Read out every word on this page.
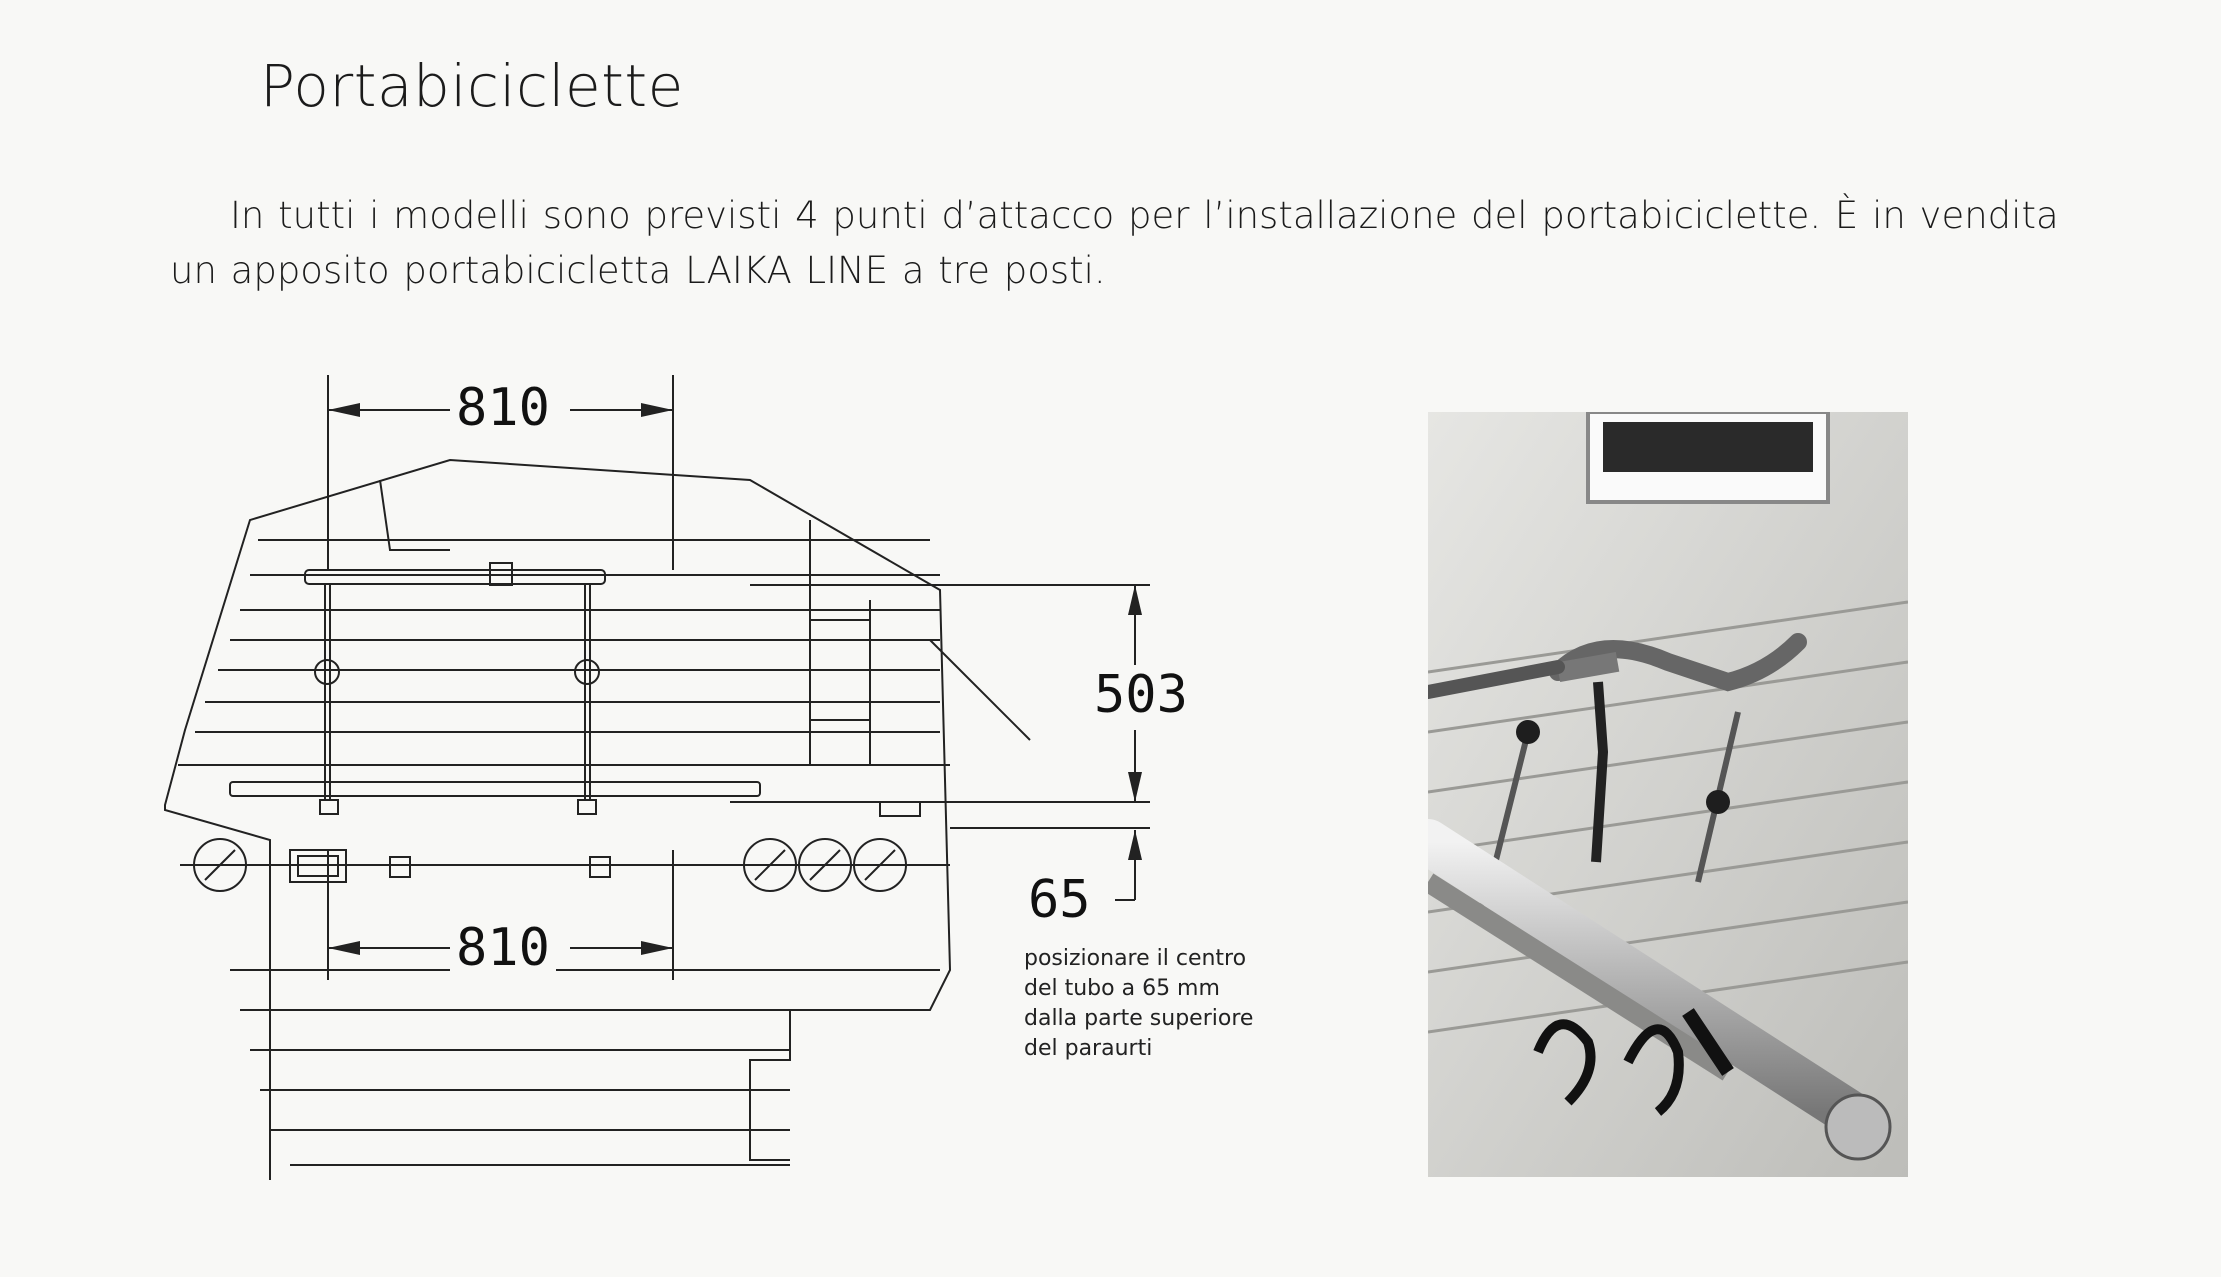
Portabiciclette
In tutti i modelli sono previsti 4 punti d’attacco per l’installazione del portabiciclette. È in vendita un apposito portabicicletta LAIKA LINE a tre posti.
810
810
503
65
posizionare il centro
del tubo a 65 mm
dalla parte superiore
del paraurti
